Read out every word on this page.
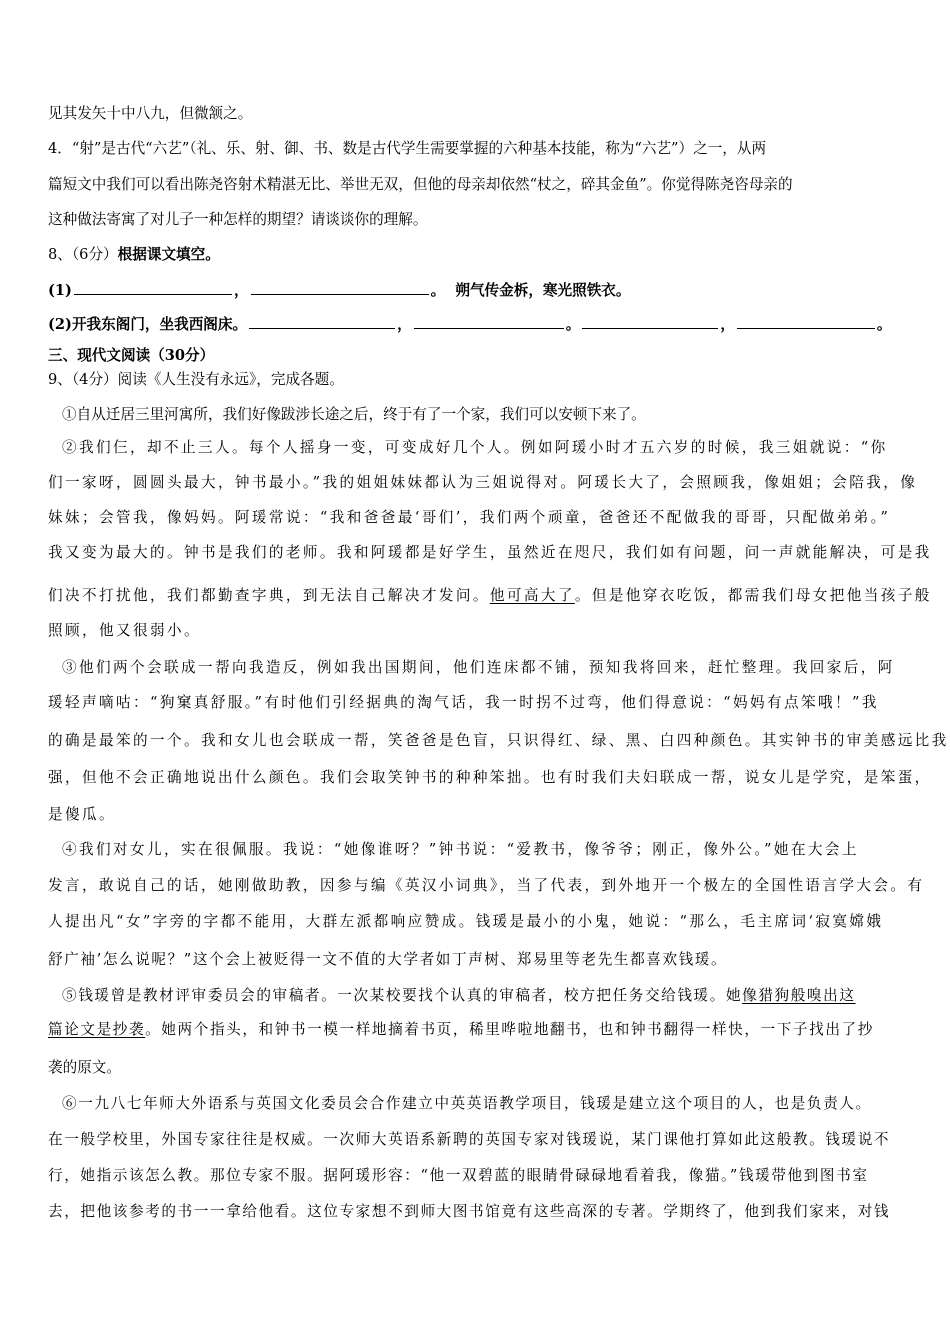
见其发矢十中八九，但微颔之。
4．“射”是古代“六艺”（礼、乐、射、御、书、数是古代学生需要掌握的六种基本技能，称为“六艺”）之一，从两
篇短文中我们可以看出陈尧咨射术精湛无比、举世无双，但他的母亲却依然“杖之，碎其金鱼”。你觉得陈尧咨母亲的
这种做法寄寓了对儿子一种怎样的期望？请谈谈你的理解。
8、（6分）根据课文填空。
(1)	，	。 朔气传金柝，寒光照铁衣。
(2)开我东阁门，坐我西阁床。	，	。	，	。
三、现代文阅读（30分）
9、（4分）阅读《人生没有永远》，完成各题。
①自从迁居三里河寓所，我们好像跋涉长途之后，终于有了一个家，我们可以安顿下来了。
②我们仨，却不止三人。每个人摇身一变，可变成好几个人。例如阿瑗小时才五六岁的时候，我三姐就说：“你
们一家呀，圆圆头最大，钟书最小。”我的姐姐妹妹都认为三姐说得对。阿瑗长大了，会照顾我，像姐姐；会陪我，像
妹妹；会管我，像妈妈。阿瑗常说：“我和爸爸最‘哥们’，我们两个顽童，爸爸还不配做我的哥哥，只配做弟弟。”
我又变为最大的。钟书是我们的老师。我和阿瑗都是好学生，虽然近在咫尺，我们如有问题，问一声就能解决，可是我
们决不打扰他，我们都勤查字典，到无法自己解决才发问。他可高大了。但是他穿衣吃饭，都需我们母女把他当孩子般
照顾，他又很弱小。
③他们两个会联成一帮向我造反，例如我出国期间，他们连床都不铺，预知我将回来，赶忙整理。我回家后，阿
瑗轻声嘀咕：“狗窠真舒服。”有时他们引经据典的淘气话，我一时拐不过弯，他们得意说：“妈妈有点笨哦！”我
的确是最笨的一个。我和女儿也会联成一帮，笑爸爸是色盲，只识得红、绿、黑、白四种颜色。其实钟书的审美感远比我
强，但他不会正确地说出什么颜色。我们会取笑钟书的种种笨拙。也有时我们夫妇联成一帮，说女儿是学究，是笨蛋，
是傻瓜。
④我们对女儿，实在很佩服。我说：“她像谁呀？”钟书说：“爱教书，像爷爷；刚正，像外公。”她在大会上
发言，敢说自己的话，她刚做助教，因参与编《英汉小词典》，当了代表，到外地开一个极左的全国性语言学大会。有
人提出凡“女”字旁的字都不能用，大群左派都响应赞成。钱瑗是最小的小鬼，她说：“那么，毛主席词‘寂寞嫦娥
舒广袖’怎么说呢？”这个会上被贬得一文不值的大学者如丁声树、郑易里等老先生都喜欢钱瑗。
⑤钱瑗曾是教材评审委员会的审稿者。一次某校要找个认真的审稿者，校方把任务交给钱瑗。她像猎狗般嗅出这
篇论文是抄袭。她两个指头，和钟书一模一样地摘着书页，稀里哗啦地翻书，也和钟书翻得一样快，一下子找出了抄
袭的原文。
⑥一九八七年师大外语系与英国文化委员会合作建立中英英语教学项目，钱瑗是建立这个项目的人，也是负责人。
在一般学校里，外国专家往往是权威。一次师大英语系新聘的英国专家对钱瑗说，某门课他打算如此这般教。钱瑗说不
行，她指示该怎么教。那位专家不服。据阿瑗形容：“他一双碧蓝的眼睛骨碌碌地看着我，像猫。”钱瑗带他到图书室
去，把他该参考的书一一拿给他看。这位专家想不到师大图书馆竟有这些高深的专著。学期终了，他到我们家来，对钱
